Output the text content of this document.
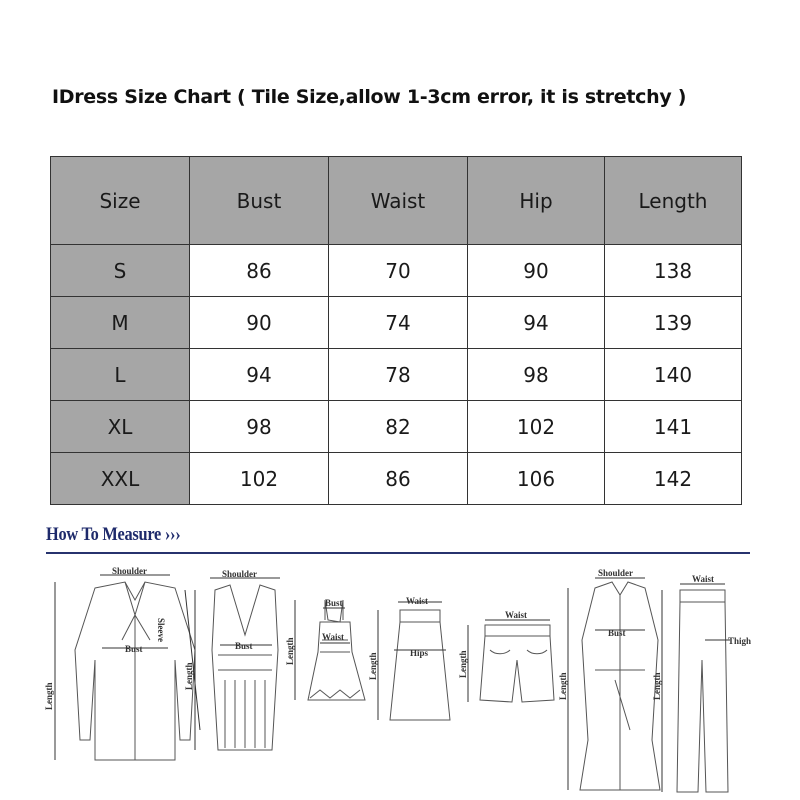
IDress Size Chart ( Tile Size,allow 1-3cm error, it is stretchy )
Size	Bust	Waist	Hip	Length
S	86	70	90	138
M	90	74	94	139
L	94	78	98	140
XL	98	82	102	141
XXL	102	86	106	142
How To Measure ›››
Shoulder
Bust
Length
Sleeve
Shoulder
Bust
Length
Bust
Waist
Length
Waist
Hips
Length
Waist
Length
Shoulder
Bust
Length
Waist
Thigh
Length
